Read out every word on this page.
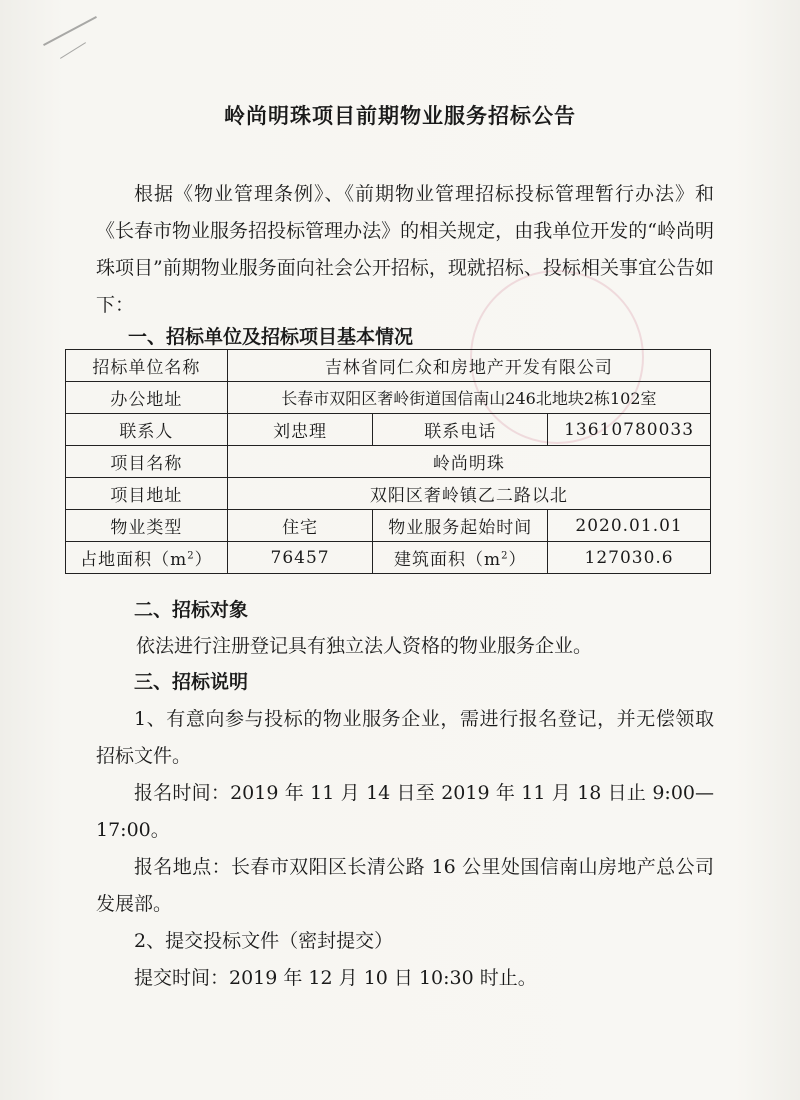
岭尚明珠项目前期物业服务招标公告
根据《物业管理条例》、《前期物业管理招标投标管理暂行办法》和《长春市物业服务招投标管理办法》的相关规定，由我单位开发的“岭尚明珠项目”前期物业服务面向社会公开招标，现就招标、投标相关事宜公告如下：
一、招标单位及招标项目基本情况
招标单位名称	吉林省同仁众和房地产开发有限公司		
办公地址	长春市双阳区奢岭街道国信南山246北地块2栋102室		
联系人	刘忠理	联系电话	13610780033
项目名称	岭尚明珠		
项目地址	双阳区奢岭镇乙二路以北		
物业类型	住宅	物业服务起始时间	2020.01.01
占地面积$(m^2)$	76457	建筑面积$(m^2)$	127030.6
二、招标对象
依法进行注册登记具有独立法人资格的物业服务企业。
三、招标说明
1、有意向参与投标的物业服务企业，需进行报名登记，并无偿领取招标文件。
报名时间：2019 年 11 月 14 日至 2019 年 11 月 18 日止 9:00—17:00。
报名地点：长春市双阳区长清公路 16 公里处国信南山房地产总公司发展部。
2、提交投标文件（密封提交）
提交时间：2019 年 12 月 10 日 10:30 时止。
